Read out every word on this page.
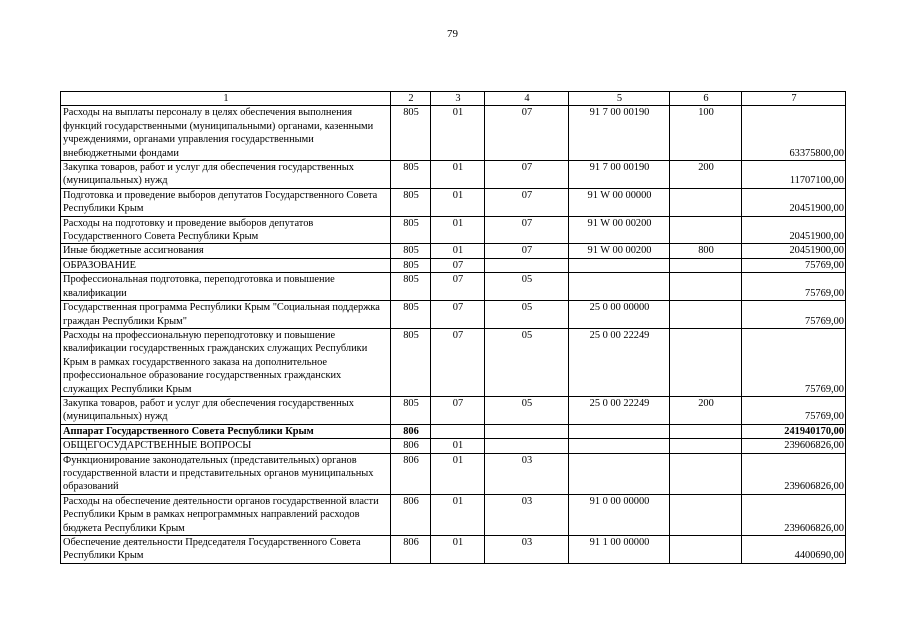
79
1	2	3	4	5	6	7
Расходы на выплаты персоналу в целях обеспечения выполнения функций государственными (муниципальными) органами, казенными учреждениями, органами управления государственными внебюджетными фондами	805	01	07	91 7 00 00190	100	63375800,00
Закупка товаров, работ и услуг для обеспечения государственных (муниципальных) нужд	805	01	07	91 7 00 00190	200	11707100,00
Подготовка и проведение выборов депутатов Государственного Совета Республики Крым	805	01	07	91 W 00 00000		20451900,00
Расходы на подготовку и проведение выборов депутатов Государственного Совета Республики Крым	805	01	07	91 W 00 00200		20451900,00
Иные бюджетные ассигнования	805	01	07	91 W 00 00200	800	20451900,00
ОБРАЗОВАНИЕ	805	07				75769,00
Профессиональная подготовка, переподготовка и повышение квалификации	805	07	05			75769,00
Государственная программа Республики Крым "Социальная поддержка граждан Республики Крым"	805	07	05	25 0 00 00000		75769,00
Расходы на профессиональную переподготовку и повышение квалификации государственных гражданских служащих Республики Крым в рамках государственного заказа на дополнительное профессиональное образование государственных гражданских служащих Республики Крым	805	07	05	25 0 00 22249		75769,00
Закупка товаров, работ и услуг для обеспечения государственных (муниципальных) нужд	805	07	05	25 0 00 22249	200	75769,00
Аппарат Государственного Совета Республики Крым	806					241940170,00
ОБЩЕГОСУДАРСТВЕННЫЕ ВОПРОСЫ	806	01				239606826,00
Функционирование законодательных (представительных) органов государственной власти и представительных органов муниципальных образований	806	01	03			239606826,00
Расходы на обеспечение деятельности органов государственной власти Республики Крым в рамках непрограммных направлений расходов бюджета Республики Крым	806	01	03	91 0 00 00000		239606826,00
Обеспечение деятельности Председателя Государственного Совета Республики Крым	806	01	03	91 1 00 00000		4400690,00
